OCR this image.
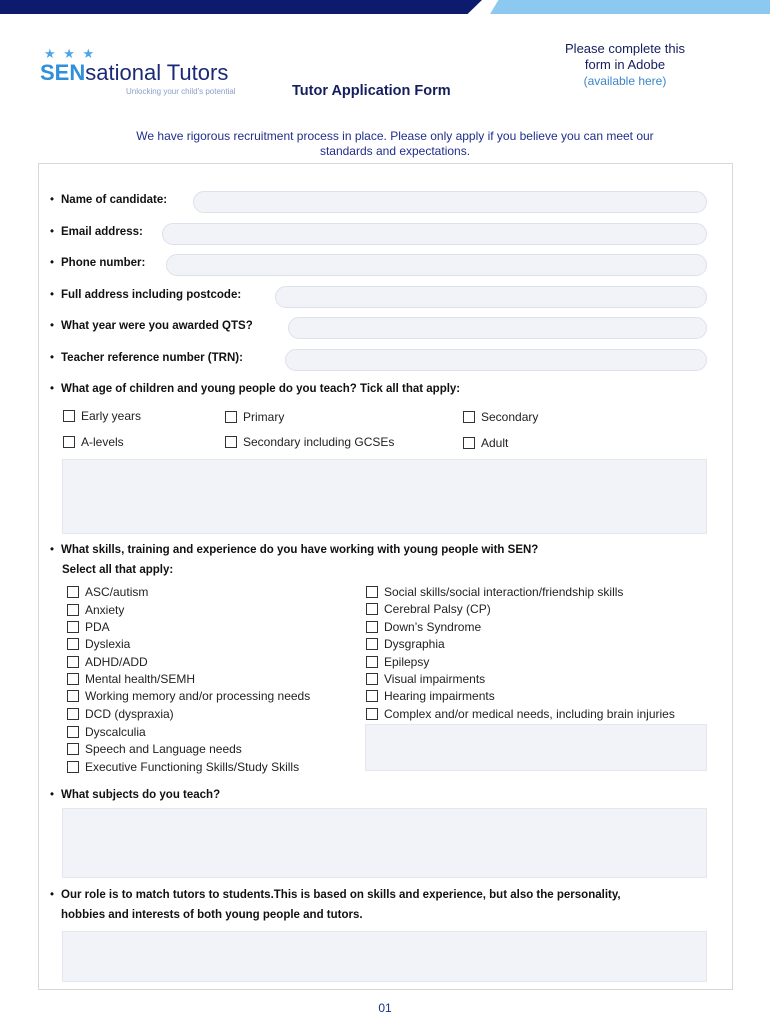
★ ★ ★
SENsational Tutors
Unlocking your child's potential	Tutor Application Form
Please complete this
form in Adobe
(available here)
We have rigorous recruitment process in place. Please only apply if you believe you can meet our
standards and expectations.
• Name of candidate:
• Email address:
• Phone number:
• Full address including postcode:
• What year were you awarded QTS?
• Teacher reference number (TRN):
• What age of children and young people do you teach? Tick all that apply:
Early years	Primary	Secondary
A-levels	Secondary including GCSEs	Adult
• What skills, training and experience do you have working with young people with SEN?
Select all that apply:
ASC/autism
Anxiety
PDA
Dyslexia
ADHD/ADD
Mental health/SEMH
Working memory and/or processing needs
DCD (dyspraxia)
Dyscalculia
Speech and Language needs
Executive Functioning Skills/Study Skills
Social skills/social interaction/friendship skills
Cerebral Palsy (CP)
Down’s Syndrome
Dysgraphia
Epilepsy
Visual impairments
Hearing impairments
Complex and/or medical needs, including brain injuries
• What subjects do you teach?
• Our role is to match tutors to students.This is based on skills and experience, but also the personality,
hobbies and interests of both young people and tutors.
01
